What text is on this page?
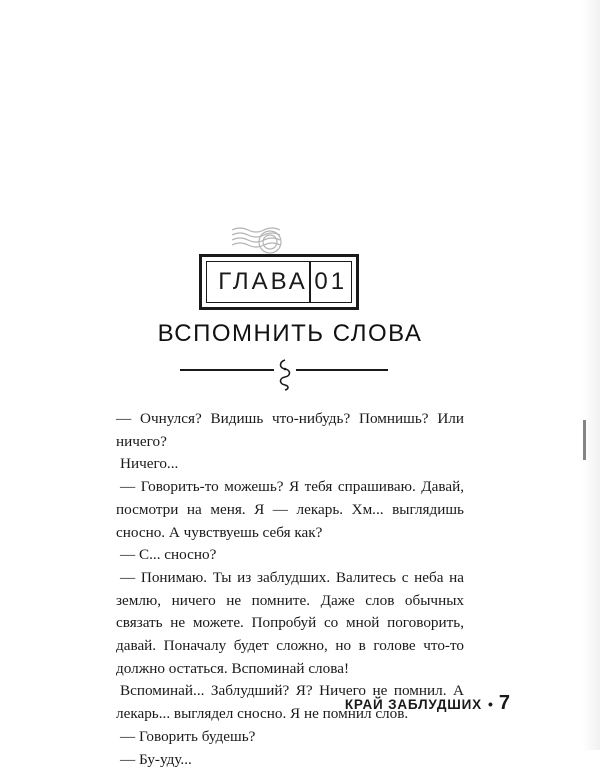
ГЛАВА 01
ВСПОМНИТЬ СЛОВА

— Очнулся? Видишь что-нибудь? Помнишь? Или ничего?

Ничего...

— Говорить-то можешь? Я тебя спрашиваю. Давай, посмотри на меня. Я — лекарь. Хм... выглядишь сносно. А чувствуешь себя как?

— С... сносно?

— Понимаю. Ты из заблудших. Валитесь с неба на землю, ничего не помните. Даже слов обычных связать не можете. Попробуй со мной поговорить, давай. Поначалу будет сложно, но в голове что-то должно остаться. Вспоминай слова!

Вспоминай... Заблудший? Я? Ничего не помнил. А лекарь... выглядел сносно. Я не помнил слов.

— Говорить будешь?

— Бу-уду...

КРАЙ ЗАБЛУДШИХ • 7
